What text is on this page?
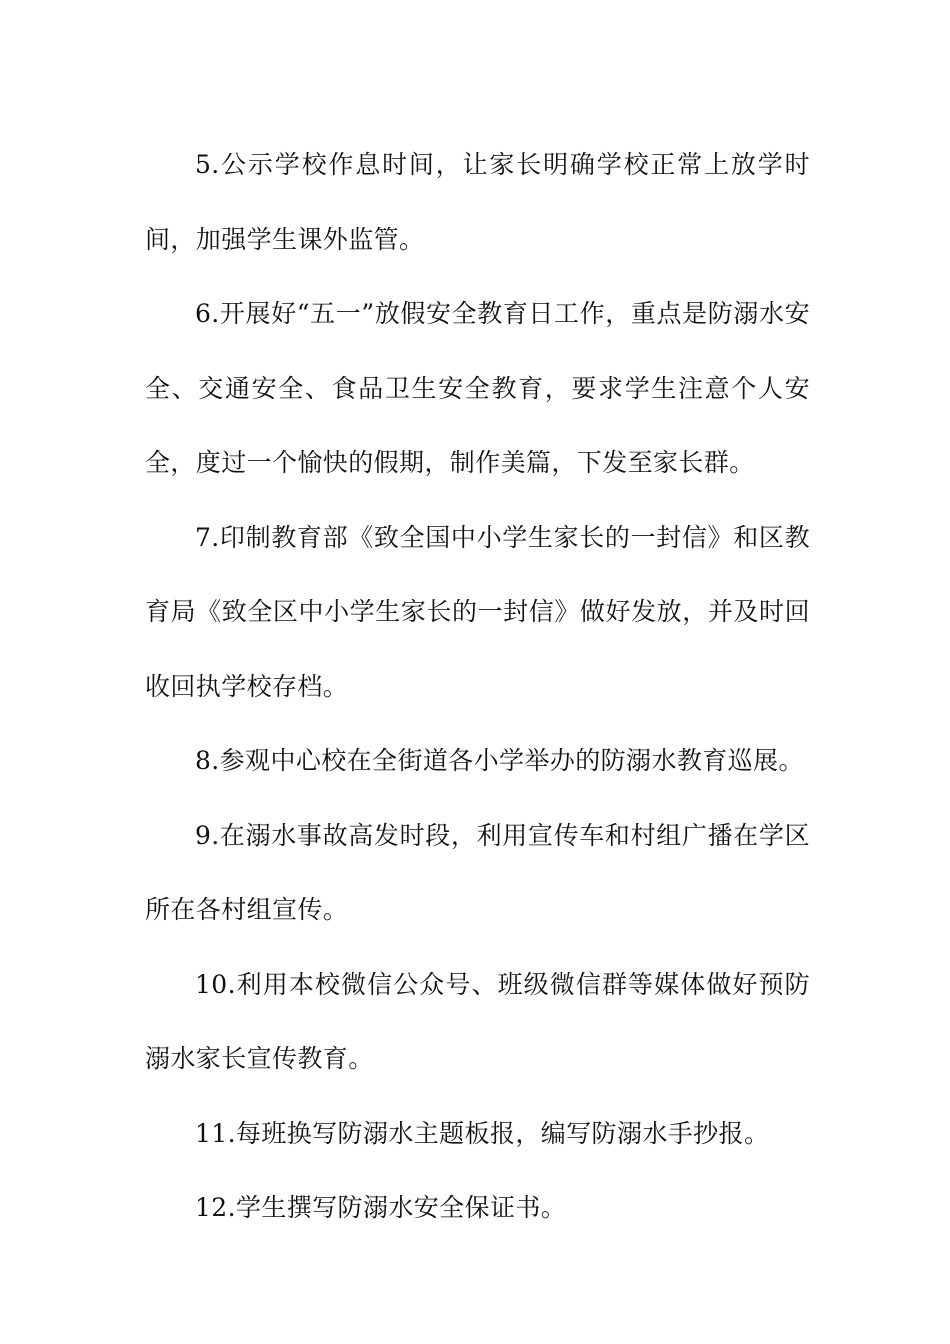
5.公示学校作息时间，让家长明确学校正常上放学时间，加强学生课外监管。

6.开展好“五一”放假安全教育日工作，重点是防溺水安全、交通安全、食品卫生安全教育，要求学生注意个人安全，度过一个愉快的假期，制作美篇，下发至家长群。

7.印制教育部《致全国中小学生家长的一封信》和区教育局《致全区中小学生家长的一封信》做好发放，并及时回收回执学校存档。

8.参观中心校在全街道各小学举办的防溺水教育巡展。

9.在溺水事故高发时段，利用宣传车和村组广播在学区所在各村组宣传。

10.利用本校微信公众号、班级微信群等媒体做好预防溺水家长宣传教育。

11.每班换写防溺水主题板报，编写防溺水手抄报。

12.学生撰写防溺水安全保证书。
